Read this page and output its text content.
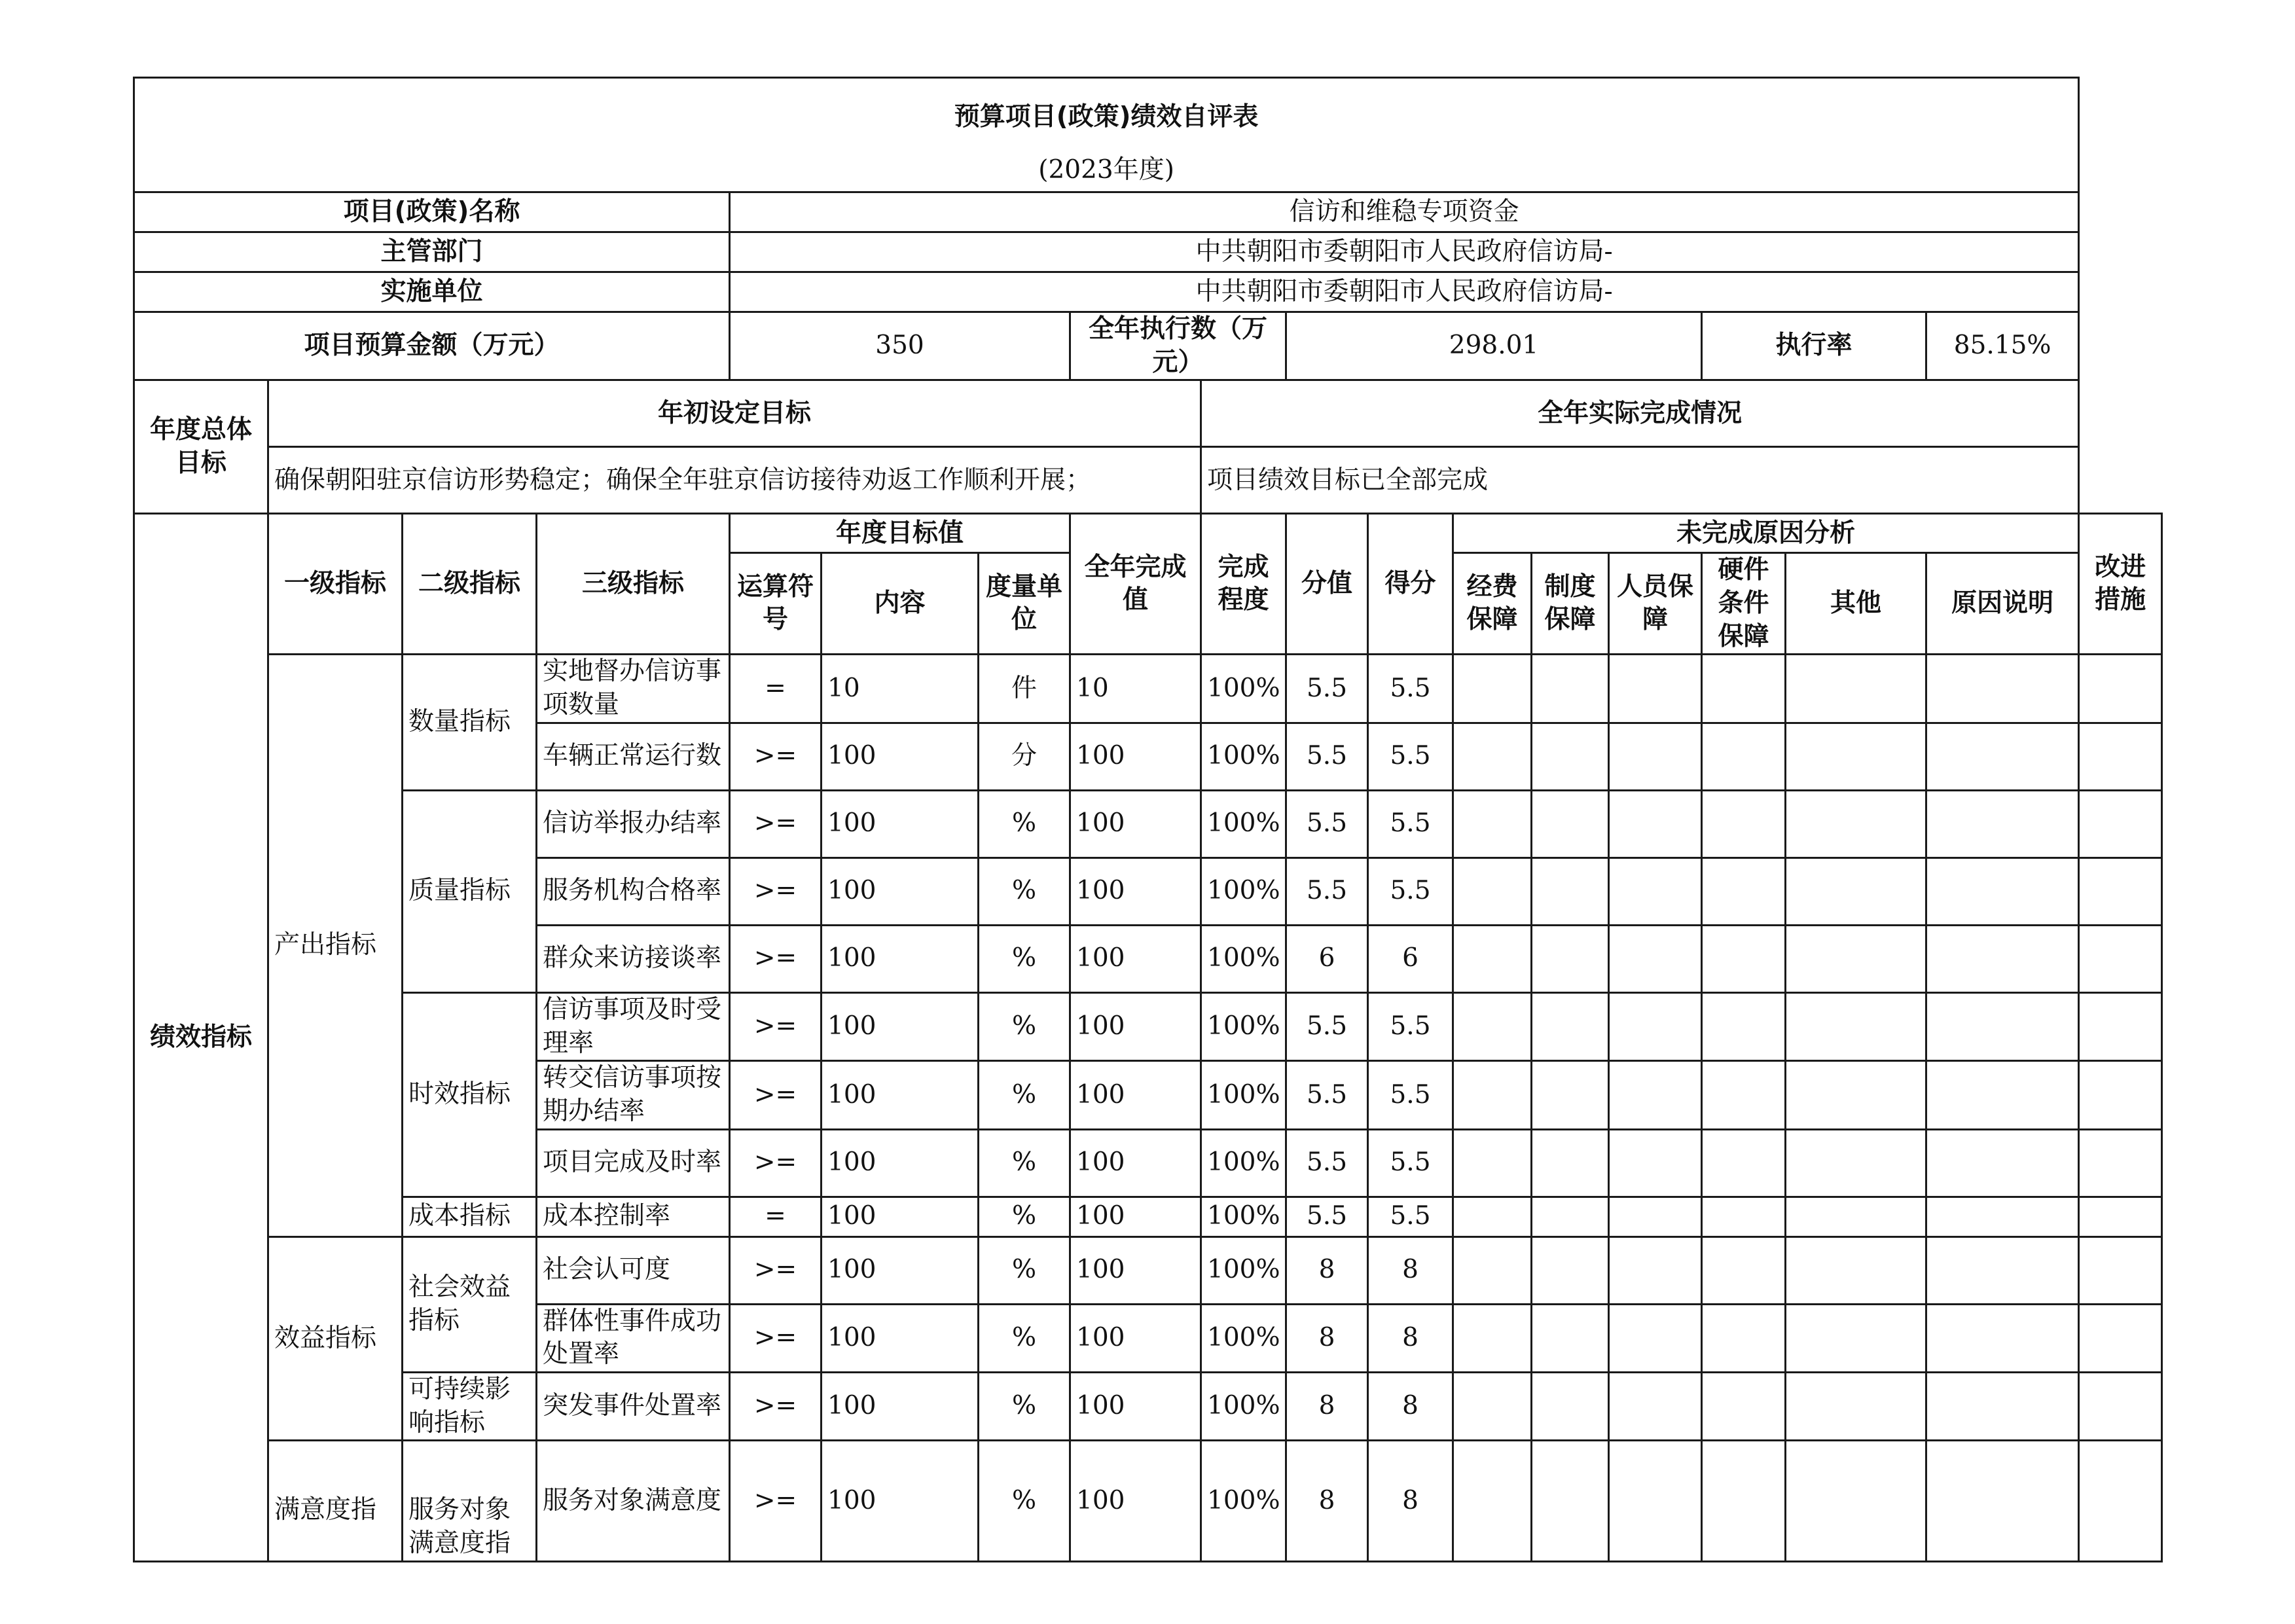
预算项目(政策)绩效自评表																	
(2023年度)																	
项目(政策)名称				信访和维稳专项资金													
主管部门				中共朝阳市委朝阳市人民政府信访局-													
实施单位				中共朝阳市委朝阳市人民政府信访局-													
项目预算金额（万元）				350			全年执行数（万元）		298.01					执行率		85.15%	
年度总体目标	年初设定目标							全年实际完成情况									
	确保朝阳驻京信访形势稳定；确保全年驻京信访接待劝返工作顺利开展；							项目绩效目标已全部完成									
绩效指标	一级指标	二级指标	三级指标	年度目标值			全年完成值	完成程度	分值	得分	未完成原因分析						改进措施
				运算符号	内容	度量单位					经费保障	制度保障	人员保障	硬件条件保障	其他	原因说明	
	产出指标	数量指标	实地督办信访事项数量	=	10	件	10	100%	5.5	5.5							
			车辆正常运行数	>=	100	分	100	100%	5.5	5.5							
		质量指标	信访举报办结率	>=	100	%	100	100%	5.5	5.5							
			服务机构合格率	>=	100	%	100	100%	5.5	5.5							
			群众来访接谈率	>=	100	%	100	100%	6	6							
		时效指标	信访事项及时受理率	>=	100	%	100	100%	5.5	5.5							
			转交信访事项按期办结率	>=	100	%	100	100%	5.5	5.5							
			项目完成及时率	>=	100	%	100	100%	5.5	5.5							
		成本指标	成本控制率	=	100	%	100	100%	5.5	5.5							
	效益指标	社会效益指标	社会认可度	>=	100	%	100	100%	8	8							
			群体性事件成功处置率	>=	100	%	100	100%	8	8							
		可持续影响指标	突发事件处置率	>=	100	%	100	100%	8	8							
	满意度指	服务对象满意度指	服务对象满意度	>=	100	%	100	100%	8	8							
